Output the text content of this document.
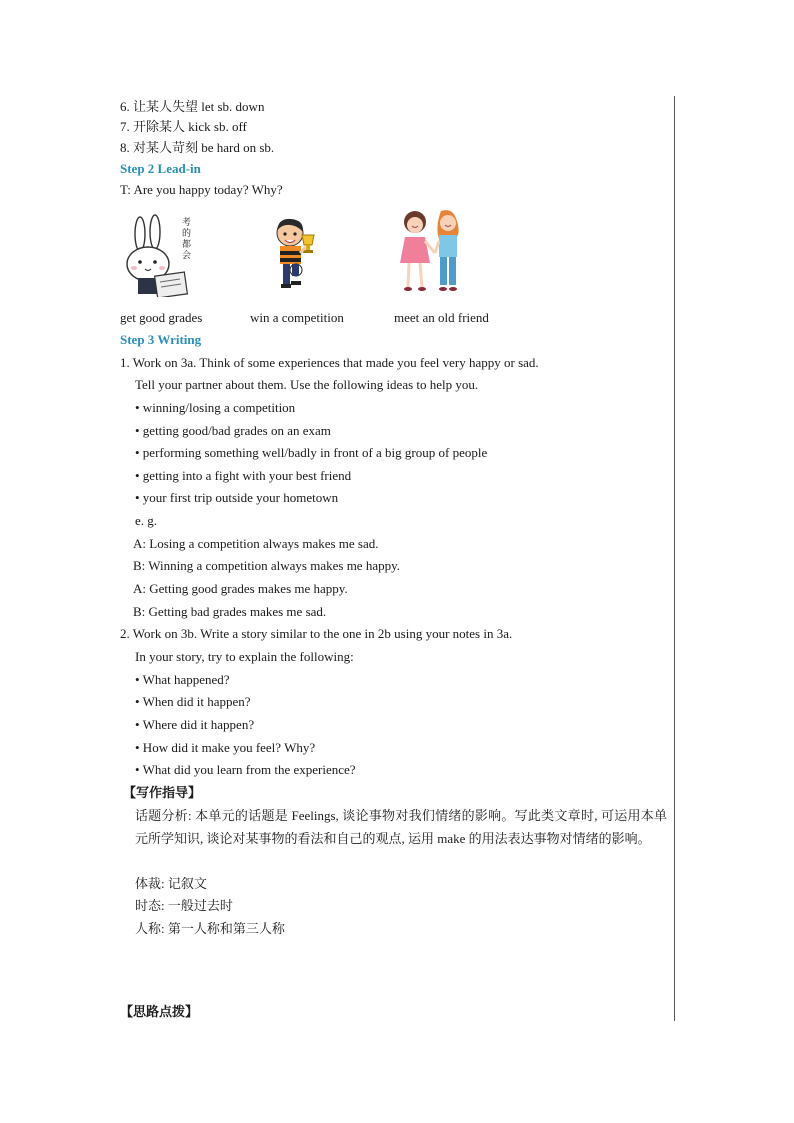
6. 让某人失望 let sb. down
7. 开除某人 kick sb. off
8. 对某人苛刻 be hard on sb.
Step 2 Lead-in
T: Are you happy today? Why?
考的都会
get good grades	win a competition	meet an old friend
Step 3 Writing
1. Work on 3a. Think of some experiences that made you feel very happy or sad.
Tell your partner about them. Use the following ideas to help you.
• winning/losing a competition
• getting good/bad grades on an exam
• performing something well/badly in front of a big group of people
• getting into a fight with your best friend
• your first trip outside your hometown
e. g.
A: Losing a competition always makes me sad.
B: Winning a competition always makes me happy.
A: Getting good grades makes me happy.
B: Getting bad grades makes me sad.
2. Work on 3b. Write a story similar to the one in 2b using your notes in 3a.
In your story, try to explain the following:
• What happened?
• When did it happen?
• Where did it happen?
• How did it make you feel? Why?
• What did you learn from the experience?
【写作指导】
话题分析: 本单元的话题是 Feelings, 谈论事物对我们情绪的影响。写此类文章时, 可运用本单元所学知识, 谈论对某事物的看法和自己的观点, 运用 make 的用法表达事物对情绪的影响。
体裁: 记叙文
时态: 一般过去时
人称: 第一人称和第三人称
【思路点拨】
